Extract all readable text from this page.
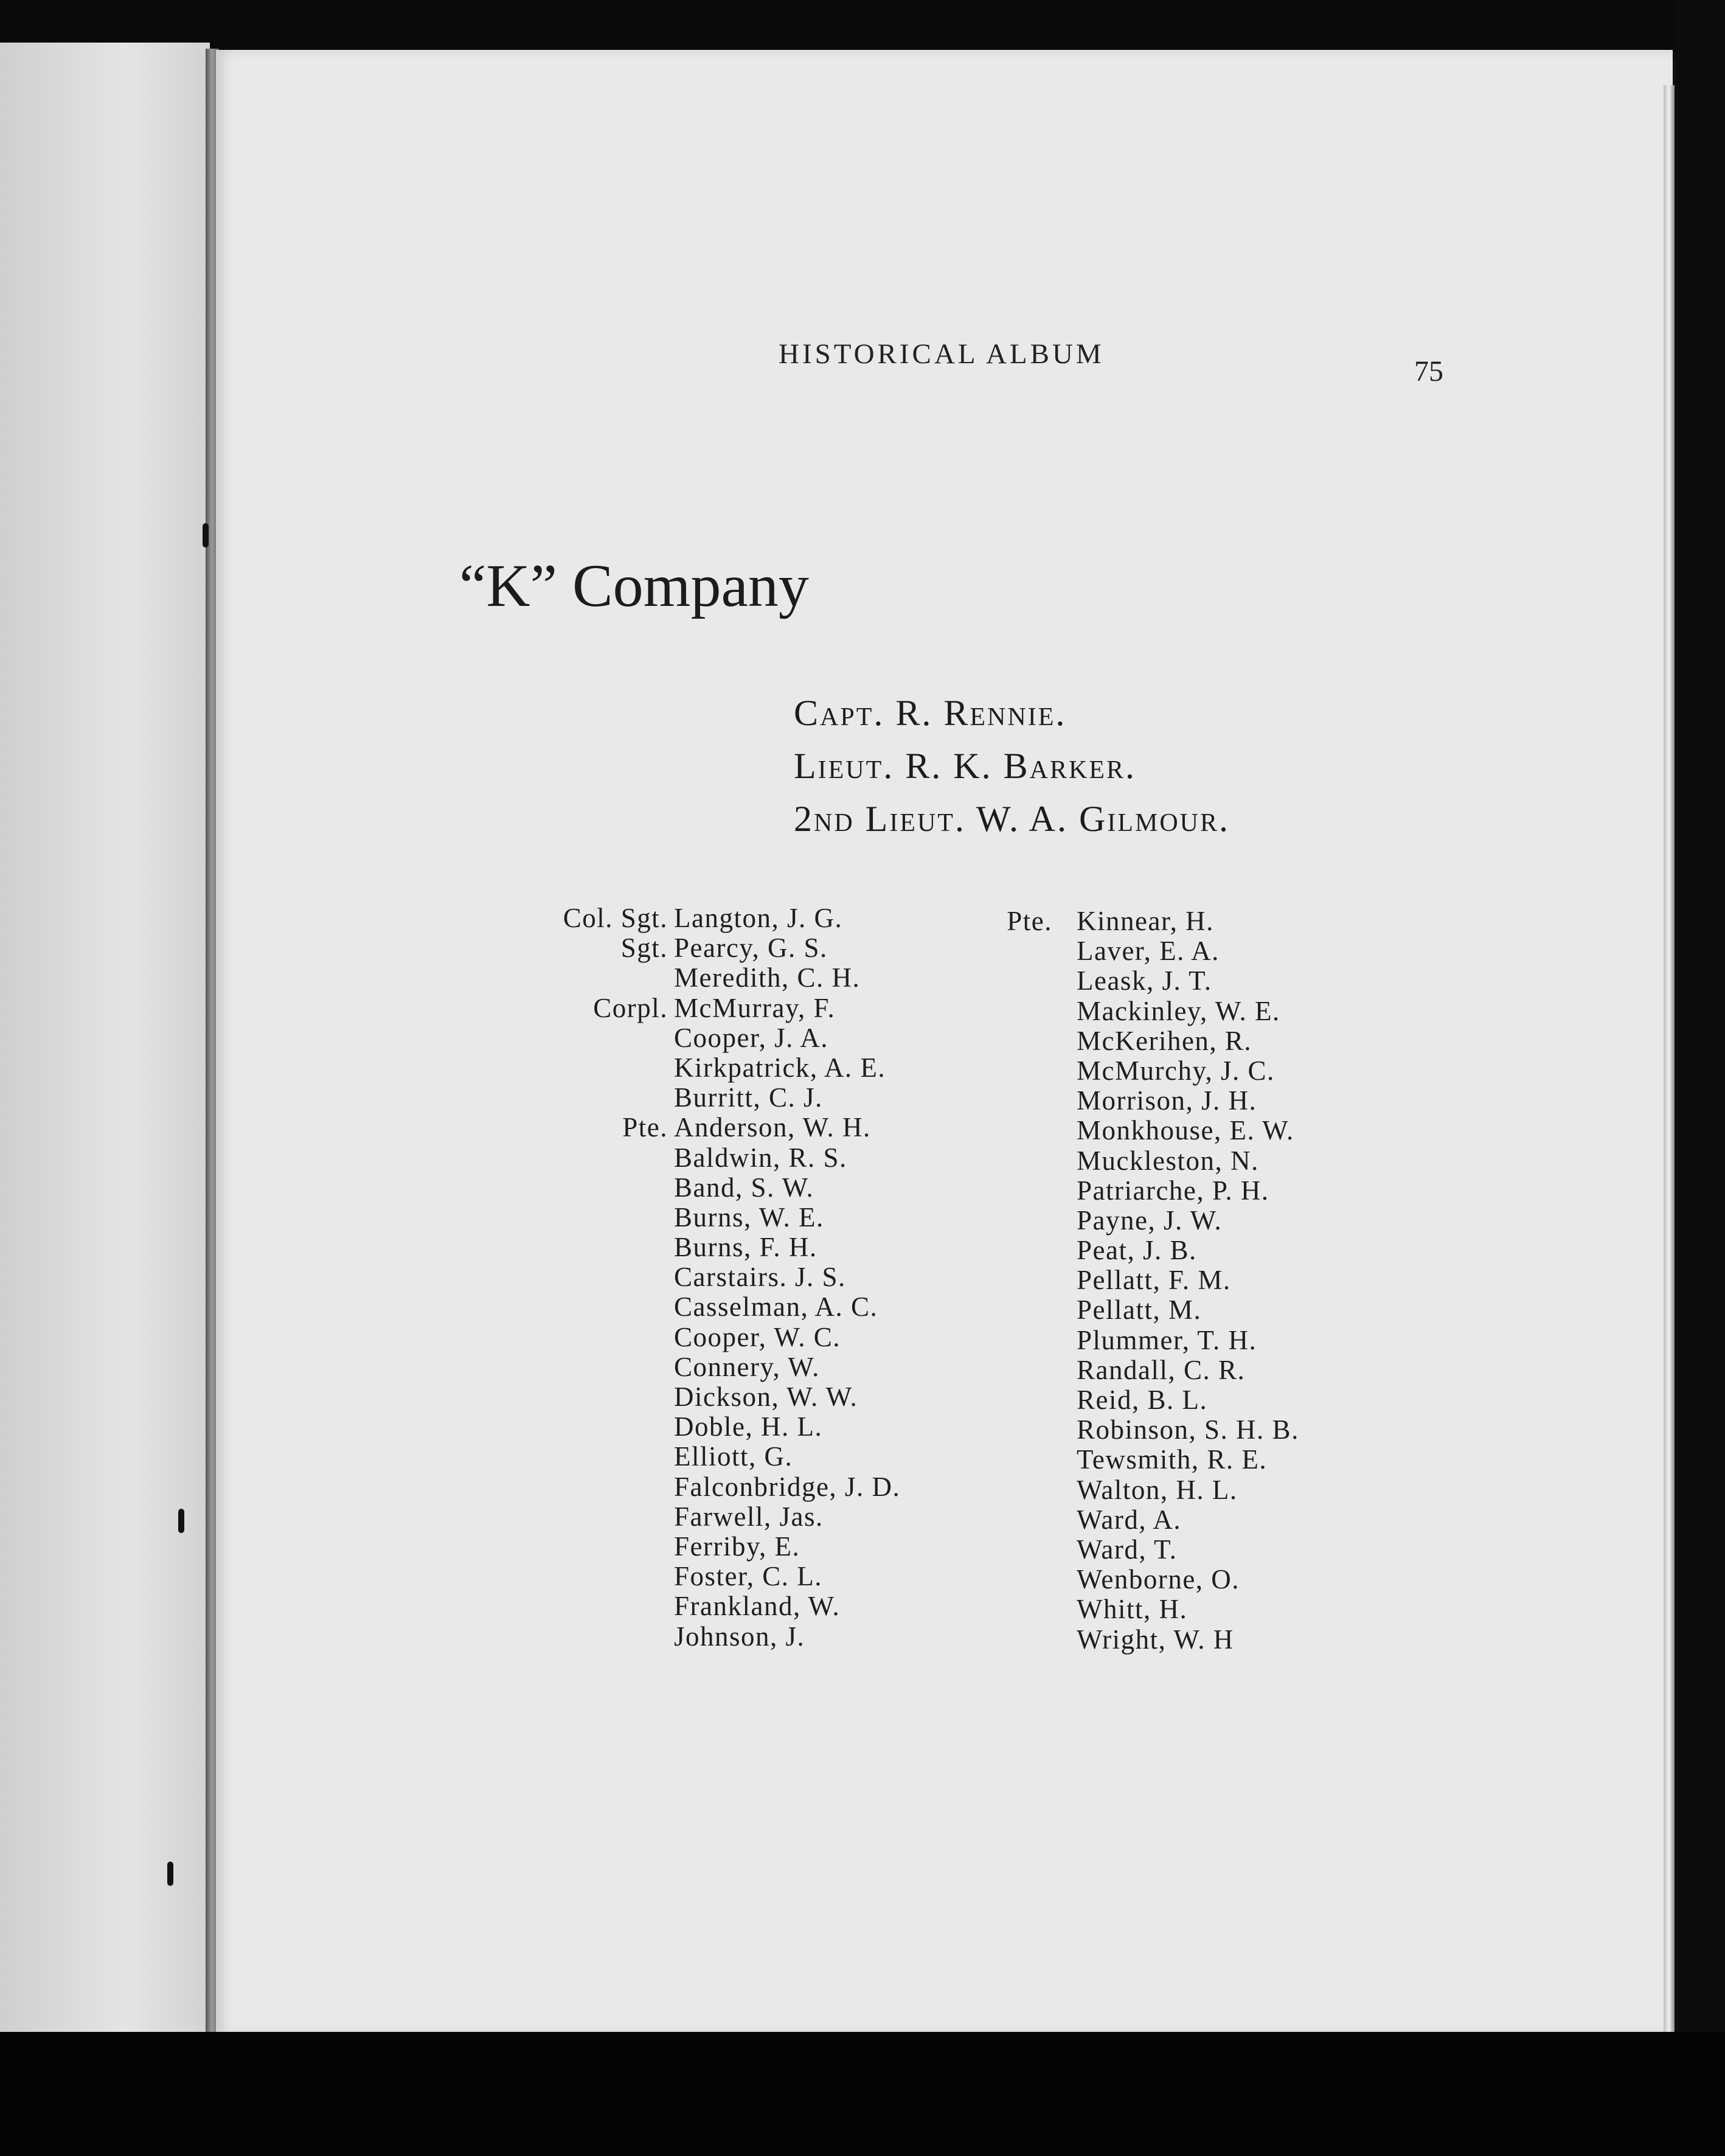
HISTORICAL ALBUM
75
“K” Company
Capt. R. Rennie.
Lieut. R. K. Barker.
2nd Lieut. W. A. Gilmour.
Col. Sgt. Langton, J. G.
Sgt. Pearcy, G. S.
Meredith, C. H.
Corpl. McMurray, F.
Cooper, J. A.
Kirkpatrick, A. E.
Burritt, C. J.
Pte. Anderson, W. H.
Baldwin, R. S.
Band, S. W.
Burns, W. E.
Burns, F. H.
Carstairs. J. S.
Casselman, A. C.
Cooper, W. C.
Connery, W.
Dickson, W. W.
Doble, H. L.
Elliott, G.
Falconbridge, J. D.
Farwell, Jas.
Ferriby, E.
Foster, C. L.
Frankland, W.
Johnson, J.
Pte. Kinnear, H.
Laver, E. A.
Leask, J. T.
Mackinley, W. E.
McKerihen, R.
McMurchy, J. C.
Morrison, J. H.
Monkhouse, E. W.
Muckleston, N.
Patriarche, P. H.
Payne, J. W.
Peat, J. B.
Pellatt, F. M.
Pellatt, M.
Plummer, T. H.
Randall, C. R.
Reid, B. L.
Robinson, S. H. B.
Tewsmith, R. E.
Walton, H. L.
Ward, A.
Ward, T.
Wenborne, O.
Whitt, H.
Wright, W. H
